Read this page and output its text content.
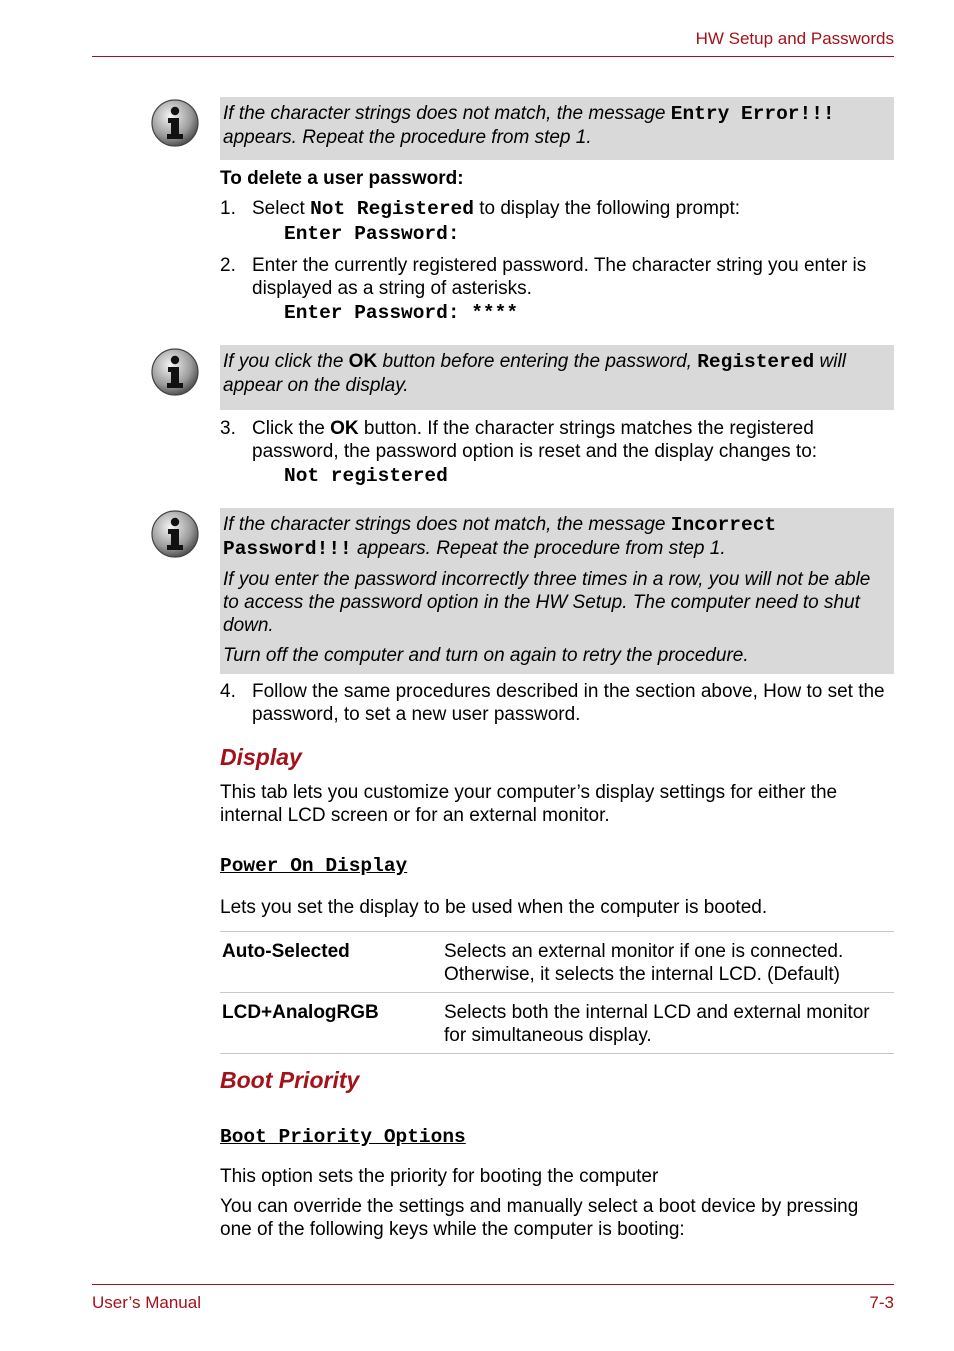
HW Setup and Passwords

If the character strings does not match, the message Entry Error!!! appears. Repeat the procedure from step 1.

To delete a user password:

1. Select Not Registered to display the following prompt:
Enter Password:
2. Enter the currently registered password. The character string you enter is displayed as a string of asterisks.
Enter Password: ****

If you click the OK button before entering the password, Registered will appear on the display.

3. Click the OK button. If the character strings matches the registered password, the password option is reset and the display changes to:
Not registered

If the character strings does not match, the message Incorrect Password!!! appears. Repeat the procedure from step 1.

If you enter the password incorrectly three times in a row, you will not be able to access the password option in the HW Setup. The computer need to shut down.

Turn off the computer and turn on again to retry the procedure.

4. Follow the same procedures described in the section above, How to set the password, to set a new user password.
Display

This tab lets you customize your computer’s display settings for either the internal LCD screen or for an external monitor.

Power On Display

Lets you set the display to be used when the computer is booted.

Auto-Selected	Selects an external monitor if one is connected. Otherwise, it selects the internal LCD. (Default)
LCD+AnalogRGB	Selects both the internal LCD and external monitor for simultaneous display.
Boot Priority
Boot Priority Options

This option sets the priority for booting the computer

You can override the settings and manually select a boot device by pressing one of the following keys while the computer is booting:

User’s Manual	7-3
